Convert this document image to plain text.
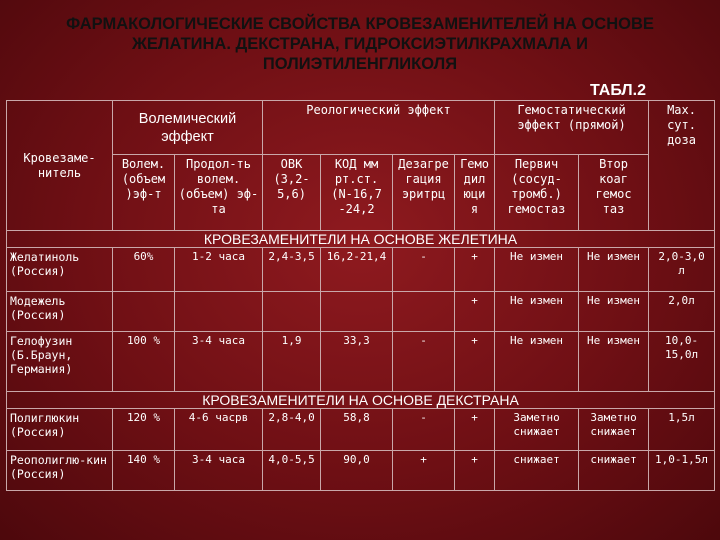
ФАРМАКОЛОГИЧЕСКИЕ СВОЙСТВА КРОВЕЗАМЕНИТЕЛЕЙ НА ОСНОВЕ ЖЕЛАТИНА. ДЕКСТРАНА, ГИДРОКСИЭТИЛКРАХМАЛА И ПОЛИЭТИЛЕНГЛИКОЛЯ
ТАБЛ.2
Кровезаме-нитель	Волемический эффект		Реологический эффект				Гемостатический эффект (прямой)		Мах. сут. доза
	Волем. (объем )эф-т	Продол-ть волем. (объем) эф-та	ОВК (3,2-5,6)	КОД мм рт.ст. (N-16,7 -24,2	Дезагре гация эритрц	Гемо дил юци я	Первич (сосуд-тромб.) гемостаз	Втор коаг гемос таз	
КРОВЕЗАМЕНИТЕЛИ НА ОСНОВЕ ЖЕЛЕТИНА									
Желатиноль (Россия)	60%	1-2 часа	2,4-3,5	16,2-21,4	-	+	Не измен	Не измен	2,0-3,0 л
Модежель (Россия)						+	Не измен	Не измен	2,0л
Гелофузин (Б.Браун, Германия)	100 %	3-4 часа	1,9	33,3	-	+	Не измен	Не измен	10,0-15,0л
КРОВЕЗАМЕНИТЕЛИ НА ОСНОВЕ ДЕКСТРАНА									
Полиглюкин (Россия)	120 %	4-6 часрв	2,8-4,0	58,8	-	+	Заметно снижает	Заметно снижает	1,5л
Реополиглю-кин (Россия)	140 %	3-4 часа	4,0-5,5	90,0	+	+	снижает	снижает	1,0-1,5л
